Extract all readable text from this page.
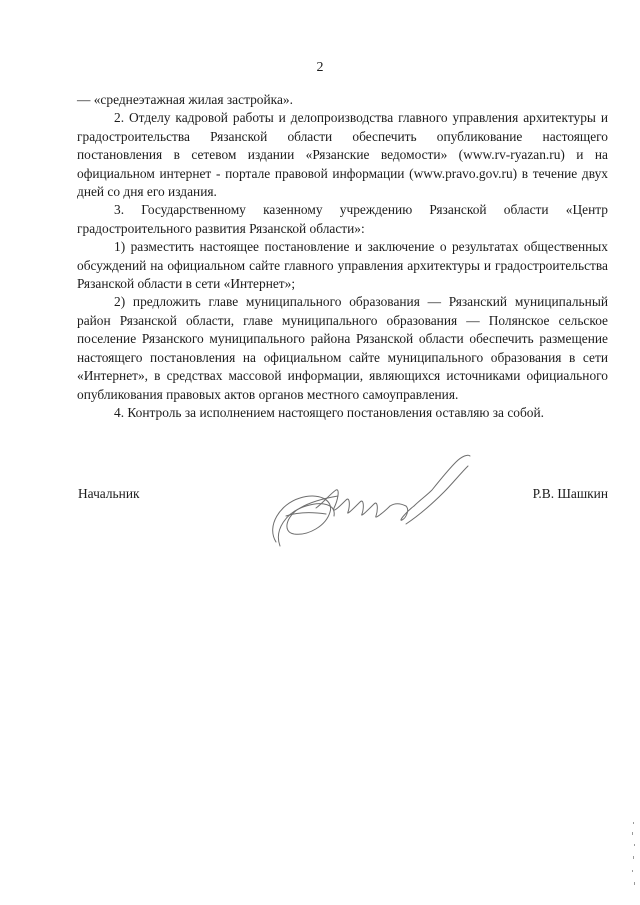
2

— «среднеэтажная жилая застройка».

2. Отделу кадровой работы и делопроизводства главного управления архитектуры и градостроительства Рязанской области обеспечить опубликование настоящего постановления в сетевом издании «Рязанские ведомости» (www.rv-ryazan.ru) и на официальном интернет - портале правовой информации (www.pravo.gov.ru) в течение двух дней со дня его издания.

3. Государственному казенному учреждению Рязанской области «Центр градостроительного развития Рязанской области»:

1) разместить настоящее постановление и заключение о результатах общественных обсуждений на официальном сайте главного управления архитектуры и градостроительства Рязанской области в сети «Интернет»;

2) предложить главе муниципального образования — Рязанский муниципальный район Рязанской области, главе муниципального образования — Полянское сельское поселение Рязанского муниципального района Рязанской области обеспечить размещение настоящего постановления на официальном сайте муниципального образования в сети «Интернет», в средствах массовой информации, являющихся источниками официального опубликования правовых актов органов местного самоуправления.

4. Контроль за исполнением настоящего постановления оставляю за собой.

Начальник	Р.В. Шашкин
